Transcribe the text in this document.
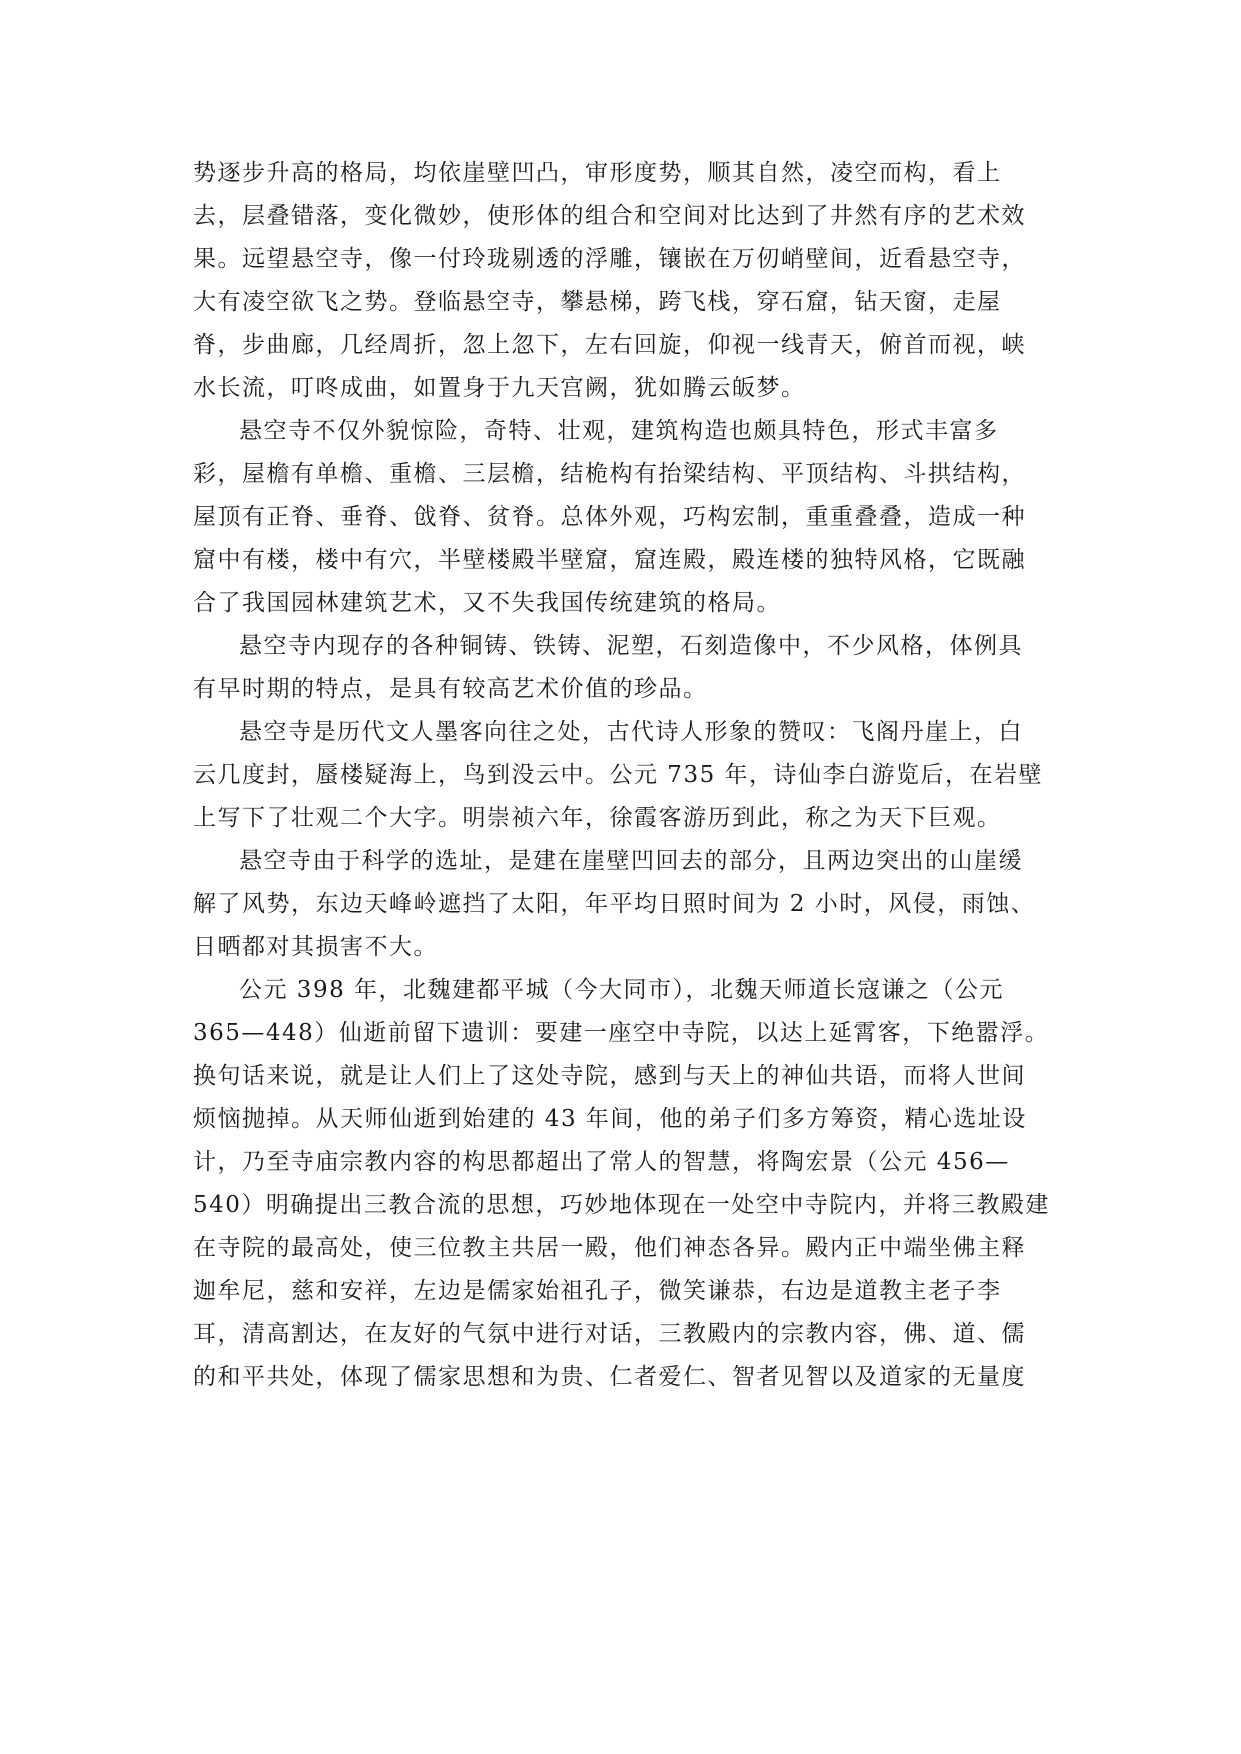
势逐步升高的格局，均依崖壁凹凸，审形度势，顺其自然，凌空而构，看上
去，层叠错落，变化微妙，使形体的组合和空间对比达到了井然有序的艺术效
果。远望悬空寺，像一付玲珑剔透的浮雕，镶嵌在万仞峭壁间，近看悬空寺，
大有凌空欲飞之势。登临悬空寺，攀悬梯，跨飞栈，穿石窟，钻天窗，走屋
脊，步曲廊，几经周折，忽上忽下，左右回旋，仰视一线青天，俯首而视，峡
水长流，叮咚成曲，如置身于九天宫阙，犹如腾云皈梦。
悬空寺不仅外貌惊险，奇特、壮观，建筑构造也颇具特色，形式丰富多
彩，屋檐有单檐、重檐、三层檐，结桅构有抬梁结构、平顶结构、斗拱结构，
屋顶有正脊、垂脊、戗脊、贫脊。总体外观，巧构宏制，重重叠叠，造成一种
窟中有楼，楼中有穴，半壁楼殿半壁窟，窟连殿，殿连楼的独特风格，它既融
合了我国园林建筑艺术，又不失我国传统建筑的格局。
悬空寺内现存的各种铜铸、铁铸、泥塑，石刻造像中，不少风格，体例具
有早时期的特点，是具有较高艺术价值的珍品。
悬空寺是历代文人墨客向往之处，古代诗人形象的赞叹：飞阁丹崖上，白
云几度封，蜃楼疑海上，鸟到没云中。公元 735 年，诗仙李白游览后，在岩壁
上写下了壮观二个大字。明崇祯六年，徐霞客游历到此，称之为天下巨观。
悬空寺由于科学的选址，是建在崖壁凹回去的部分，且两边突出的山崖缓
解了风势，东边天峰岭遮挡了太阳，年平均日照时间为 2 小时，风侵，雨蚀、
日晒都对其损害不大。
公元 398 年，北魏建都平城（今大同市），北魏天师道长寇谦之（公元
365—448）仙逝前留下遗训：要建一座空中寺院，以达上延霄客，下绝嚣浮。
换句话来说，就是让人们上了这处寺院，感到与天上的神仙共语，而将人世间
烦恼抛掉。从天师仙逝到始建的 43 年间，他的弟子们多方筹资，精心选址设
计，乃至寺庙宗教内容的构思都超出了常人的智慧，将陶宏景（公元 456—
540）明确提出三教合流的思想，巧妙地体现在一处空中寺院内，并将三教殿建
在寺院的最高处，使三位教主共居一殿，他们神态各异。殿内正中端坐佛主释
迦牟尼，慈和安祥，左边是儒家始祖孔子，微笑谦恭，右边是道教主老子李
耳，清高割达，在友好的气氛中进行对话，三教殿内的宗教内容，佛、道、儒
的和平共处，体现了儒家思想和为贵、仁者爱仁、智者见智以及道家的无量度
